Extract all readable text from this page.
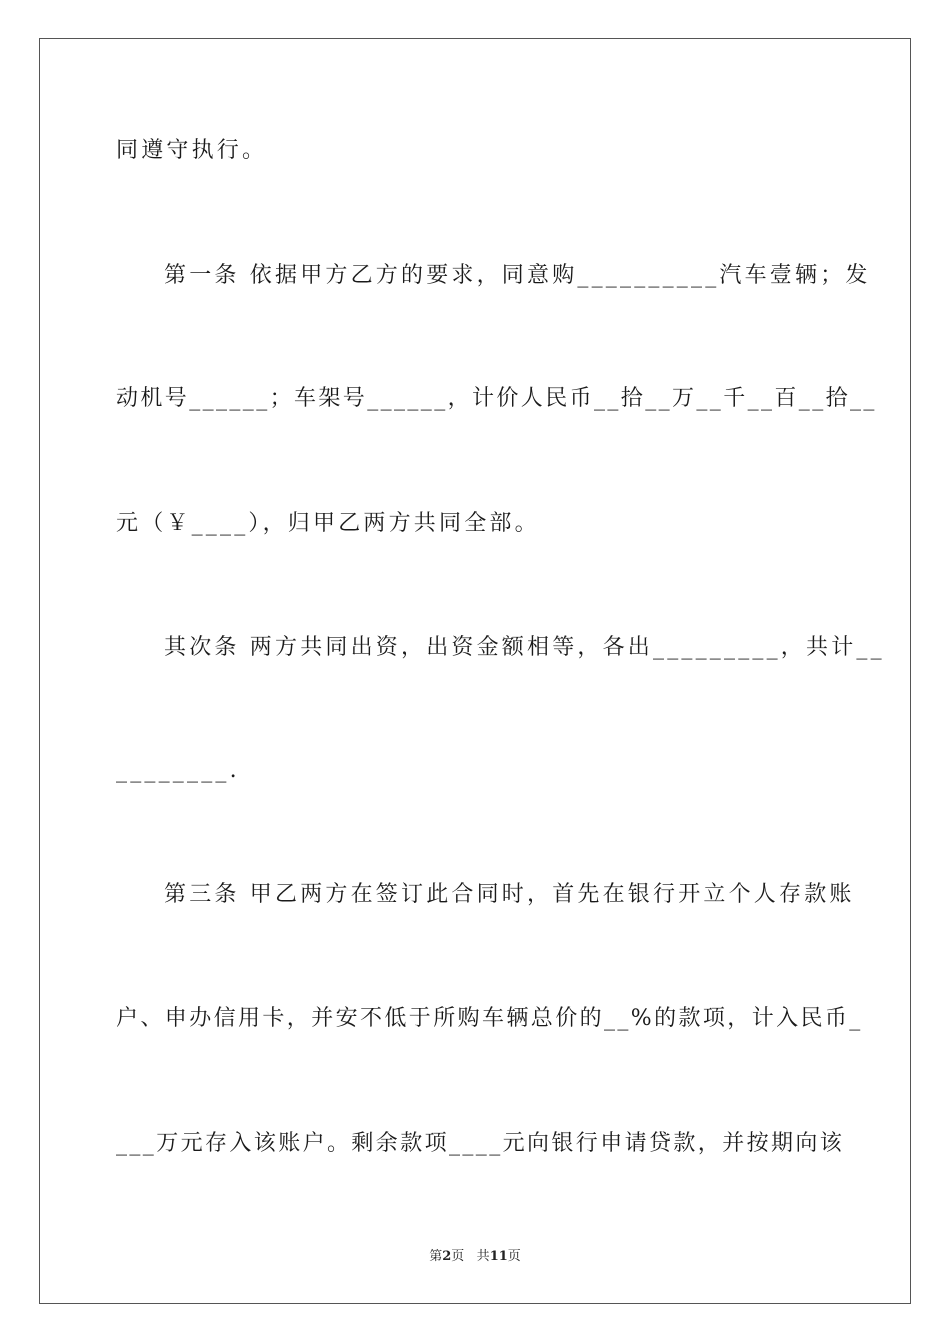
同遵守执行。
第一条 依据甲方乙方的要求，同意购__________汽车壹辆；发
动机号______；车架号______，计价人民币__拾__万__千__百__拾__
元（￥____），归甲乙两方共同全部。
其次条 两方共同出资，出资金额相等，各出_________，共计__
________.
第三条 甲乙两方在签订此合同时，首先在银行开立个人存款账
户、申办信用卡，并安不低于所购车辆总价的__%的款项，计入民币_
___万元存入该账户。剩余款项____元向银行申请贷款，并按期向该
第2页 共11页
